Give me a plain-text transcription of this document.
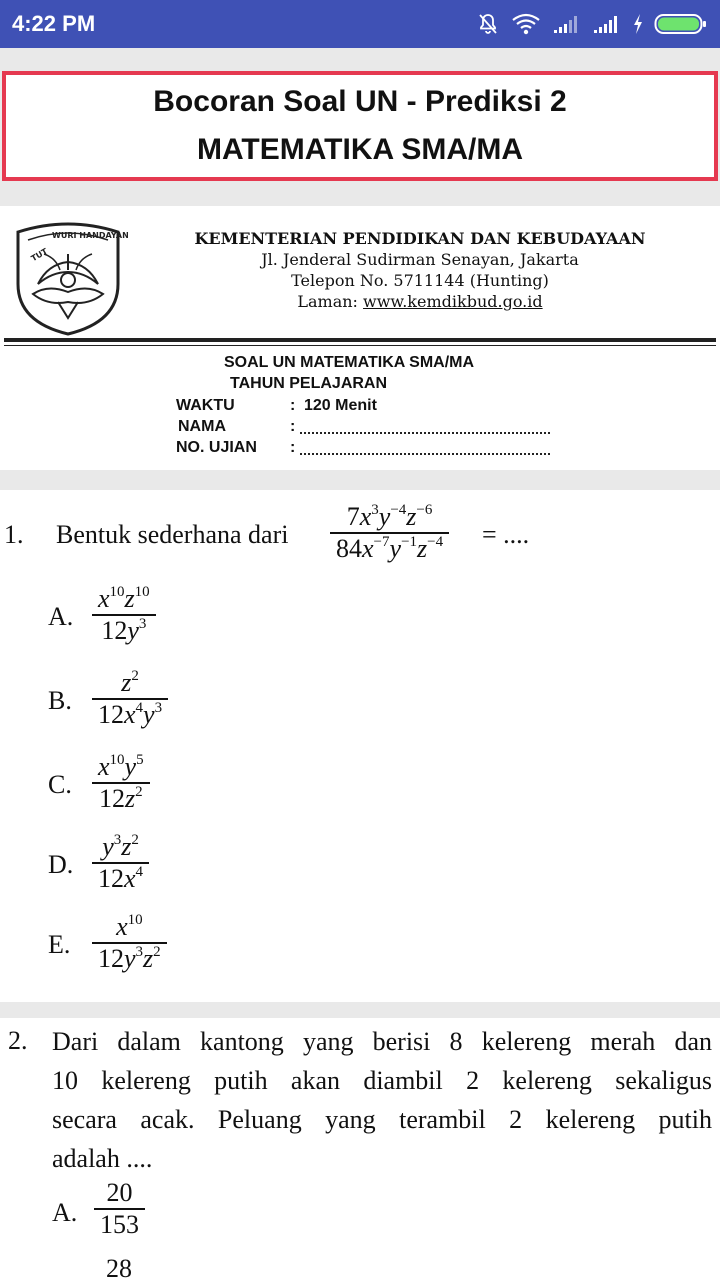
4:22 PM
Bocoran Soal UN - Prediksi 2
MATEMATIKA SMA/MA
TUT
WURI HANDAYANI	KEMENTERIAN PENDIDIKAN DAN KEBUDAYAAN
Jl. Jenderal Sudirman Senayan, Jakarta
Telepon No. 5711144 (Hunting)
Laman: www.kemdikbud.go.id
SOAL UN MATEMATIKA SMA/MA
TAHUN PELAJARAN
WAKTU	: 120 Menit
NAMA	:
NO. UJIAN	:
1. Bentuk sederhana dari
$7x^3y^{-4}z^{-6}$
$84x^{-7}y^{-1}z^{-4}$ = ....
A.
$x^{10}z^{10}$
$12y^3$
B.
$z^2$
$12x^4y^3$
C.
$x^{10}y^5$
$12z^2$
D.
$y^3z^2$
$12x^4$
E.
$x^{10}$
$12y^3z^2$
2. Dari dalam kantong yang berisi 8 kelereng merah dan
10 kelereng putih akan diambil 2 kelereng sekaligus
secara acak. Peluang yang terambil 2 kelereng putih
adalah ....
A.
20
153
28
